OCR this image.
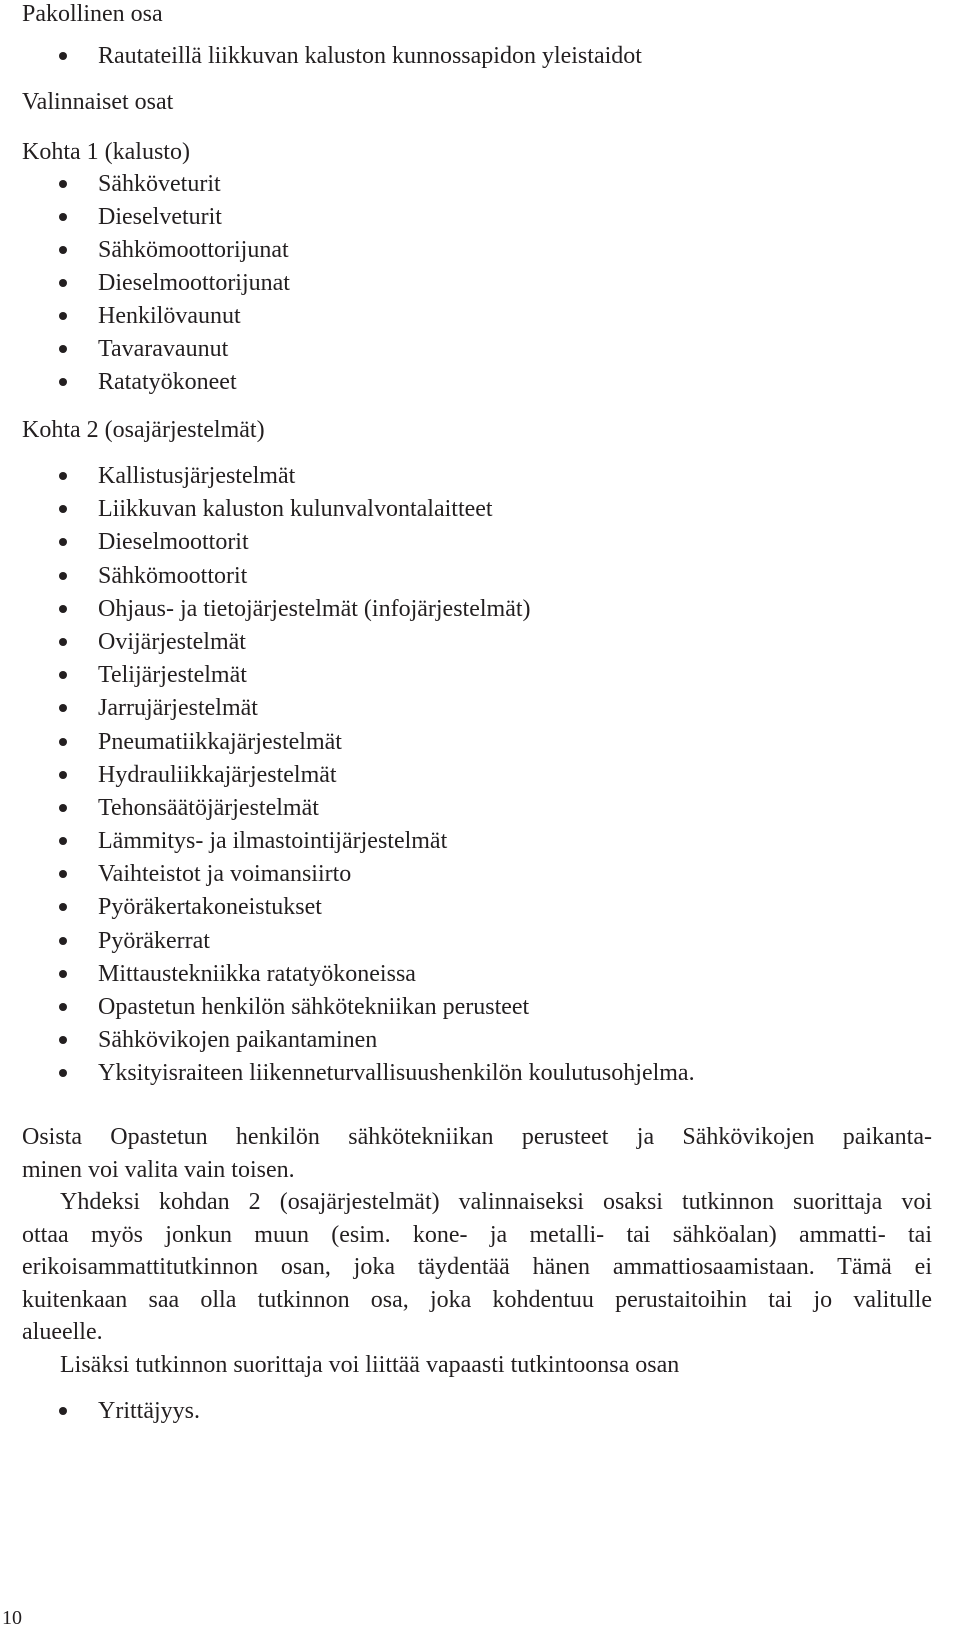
Pakollinen osa
Rautateillä liikkuvan kaluston kunnossapidon yleistaidot
Valinnaiset osat
Kohta 1 (kalusto)
Sähköveturit
Dieselveturit
Sähkömoottorijunat
Dieselmoottorijunat
Henkilövaunut
Tavaravaunut
Ratatyökoneet
Kohta 2 (osajärjestelmät)
Kallistusjärjestelmät
Liikkuvan kaluston kulunvalvontalaitteet
Dieselmoottorit
Sähkömoottorit
Ohjaus- ja tietojärjestelmät (infojärjestelmät)
Ovijärjestelmät
Telijärjestelmät
Jarrujärjestelmät
Pneumatiikkajärjestelmät
Hydrauliikkajärjestelmät
Tehonsäätöjärjestelmät
Lämmitys- ja ilmastointijärjestelmät
Vaihteistot ja voimansiirto
Pyöräkertakoneistukset
Pyöräkerrat
Mittaustekniikka ratatyökoneissa
Opastetun henkilön sähkötekniikan perusteet
Sähkövikojen paikantaminen
Yksityisraiteen liikenneturvallisuushenkilön koulutusohjelma.
Osista Opastetun henkilön sähkötekniikan perusteet ja Sähkövikojen paikanta-
minen voi valita vain toisen.
Yhdeksi kohdan 2 (osajärjestelmät) valinnaiseksi osaksi tutkinnon suorittaja voi
ottaa myös jonkun muun (esim. kone- ja metalli- tai sähköalan) ammatti- tai
erikoisammattitutkinnon osan, joka täydentää hänen ammattiosaamistaan. Tämä ei
kuitenkaan saa olla tutkinnon osa, joka kohdentuu perustaitoihin tai jo valitulle
alueelle.
Lisäksi tutkinnon suorittaja voi liittää vapaasti tutkintoonsa osan
Yrittäjyys.
10
